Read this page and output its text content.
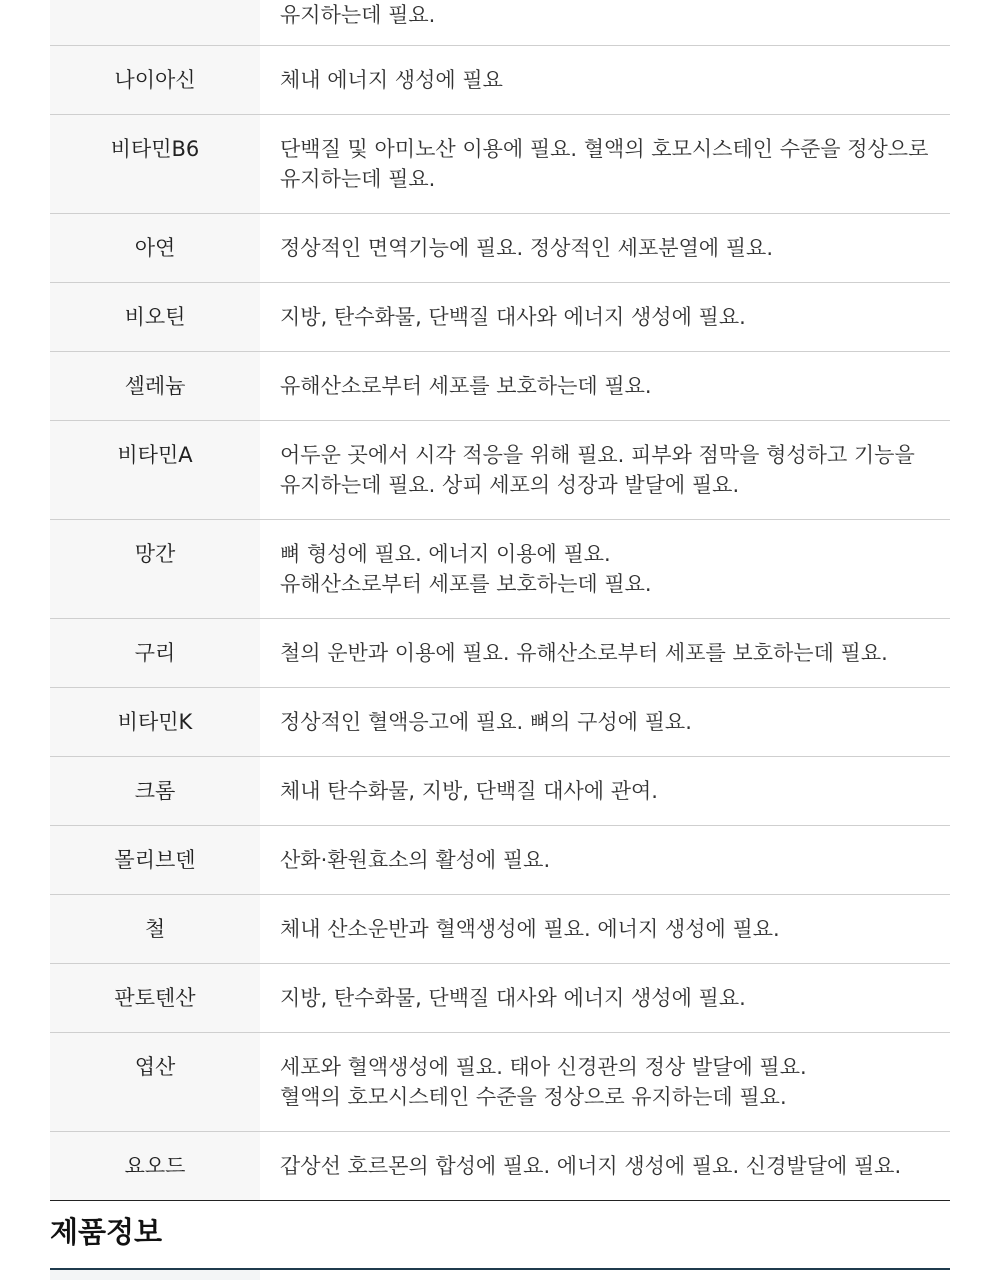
유지하는데 필요.
나이아신	체내 에너지 생성에 필요
비타민B6	단백질 및 아미노산 이용에 필요. 혈액의 호모시스테인 수준을 정상으로
유지하는데 필요.
아연	정상적인 면역기능에 필요. 정상적인 세포분열에 필요.
비오틴	지방, 탄수화물, 단백질 대사와 에너지 생성에 필요.
셀레늄	유해산소로부터 세포를 보호하는데 필요.
비타민A	어두운 곳에서 시각 적응을 위해 필요. 피부와 점막을 형성하고 기능을
유지하는데 필요. 상피 세포의 성장과 발달에 필요.
망간	뼈 형성에 필요. 에너지 이용에 필요.
유해산소로부터 세포를 보호하는데 필요.
구리	철의 운반과 이용에 필요. 유해산소로부터 세포를 보호하는데 필요.
비타민K	정상적인 혈액응고에 필요. 뼈의 구성에 필요.
크롬	체내 탄수화물, 지방, 단백질 대사에 관여.
몰리브덴	산화·환원효소의 활성에 필요.
철	체내 산소운반과 혈액생성에 필요. 에너지 생성에 필요.
판토텐산	지방, 탄수화물, 단백질 대사와 에너지 생성에 필요.
엽산	세포와 혈액생성에 필요. 태아 신경관의 정상 발달에 필요.
혈액의 호모시스테인 수준을 정상으로 유지하는데 필요.
요오드	갑상선 호르몬의 합성에 필요. 에너지 생성에 필요. 신경발달에 필요.
제품정보
